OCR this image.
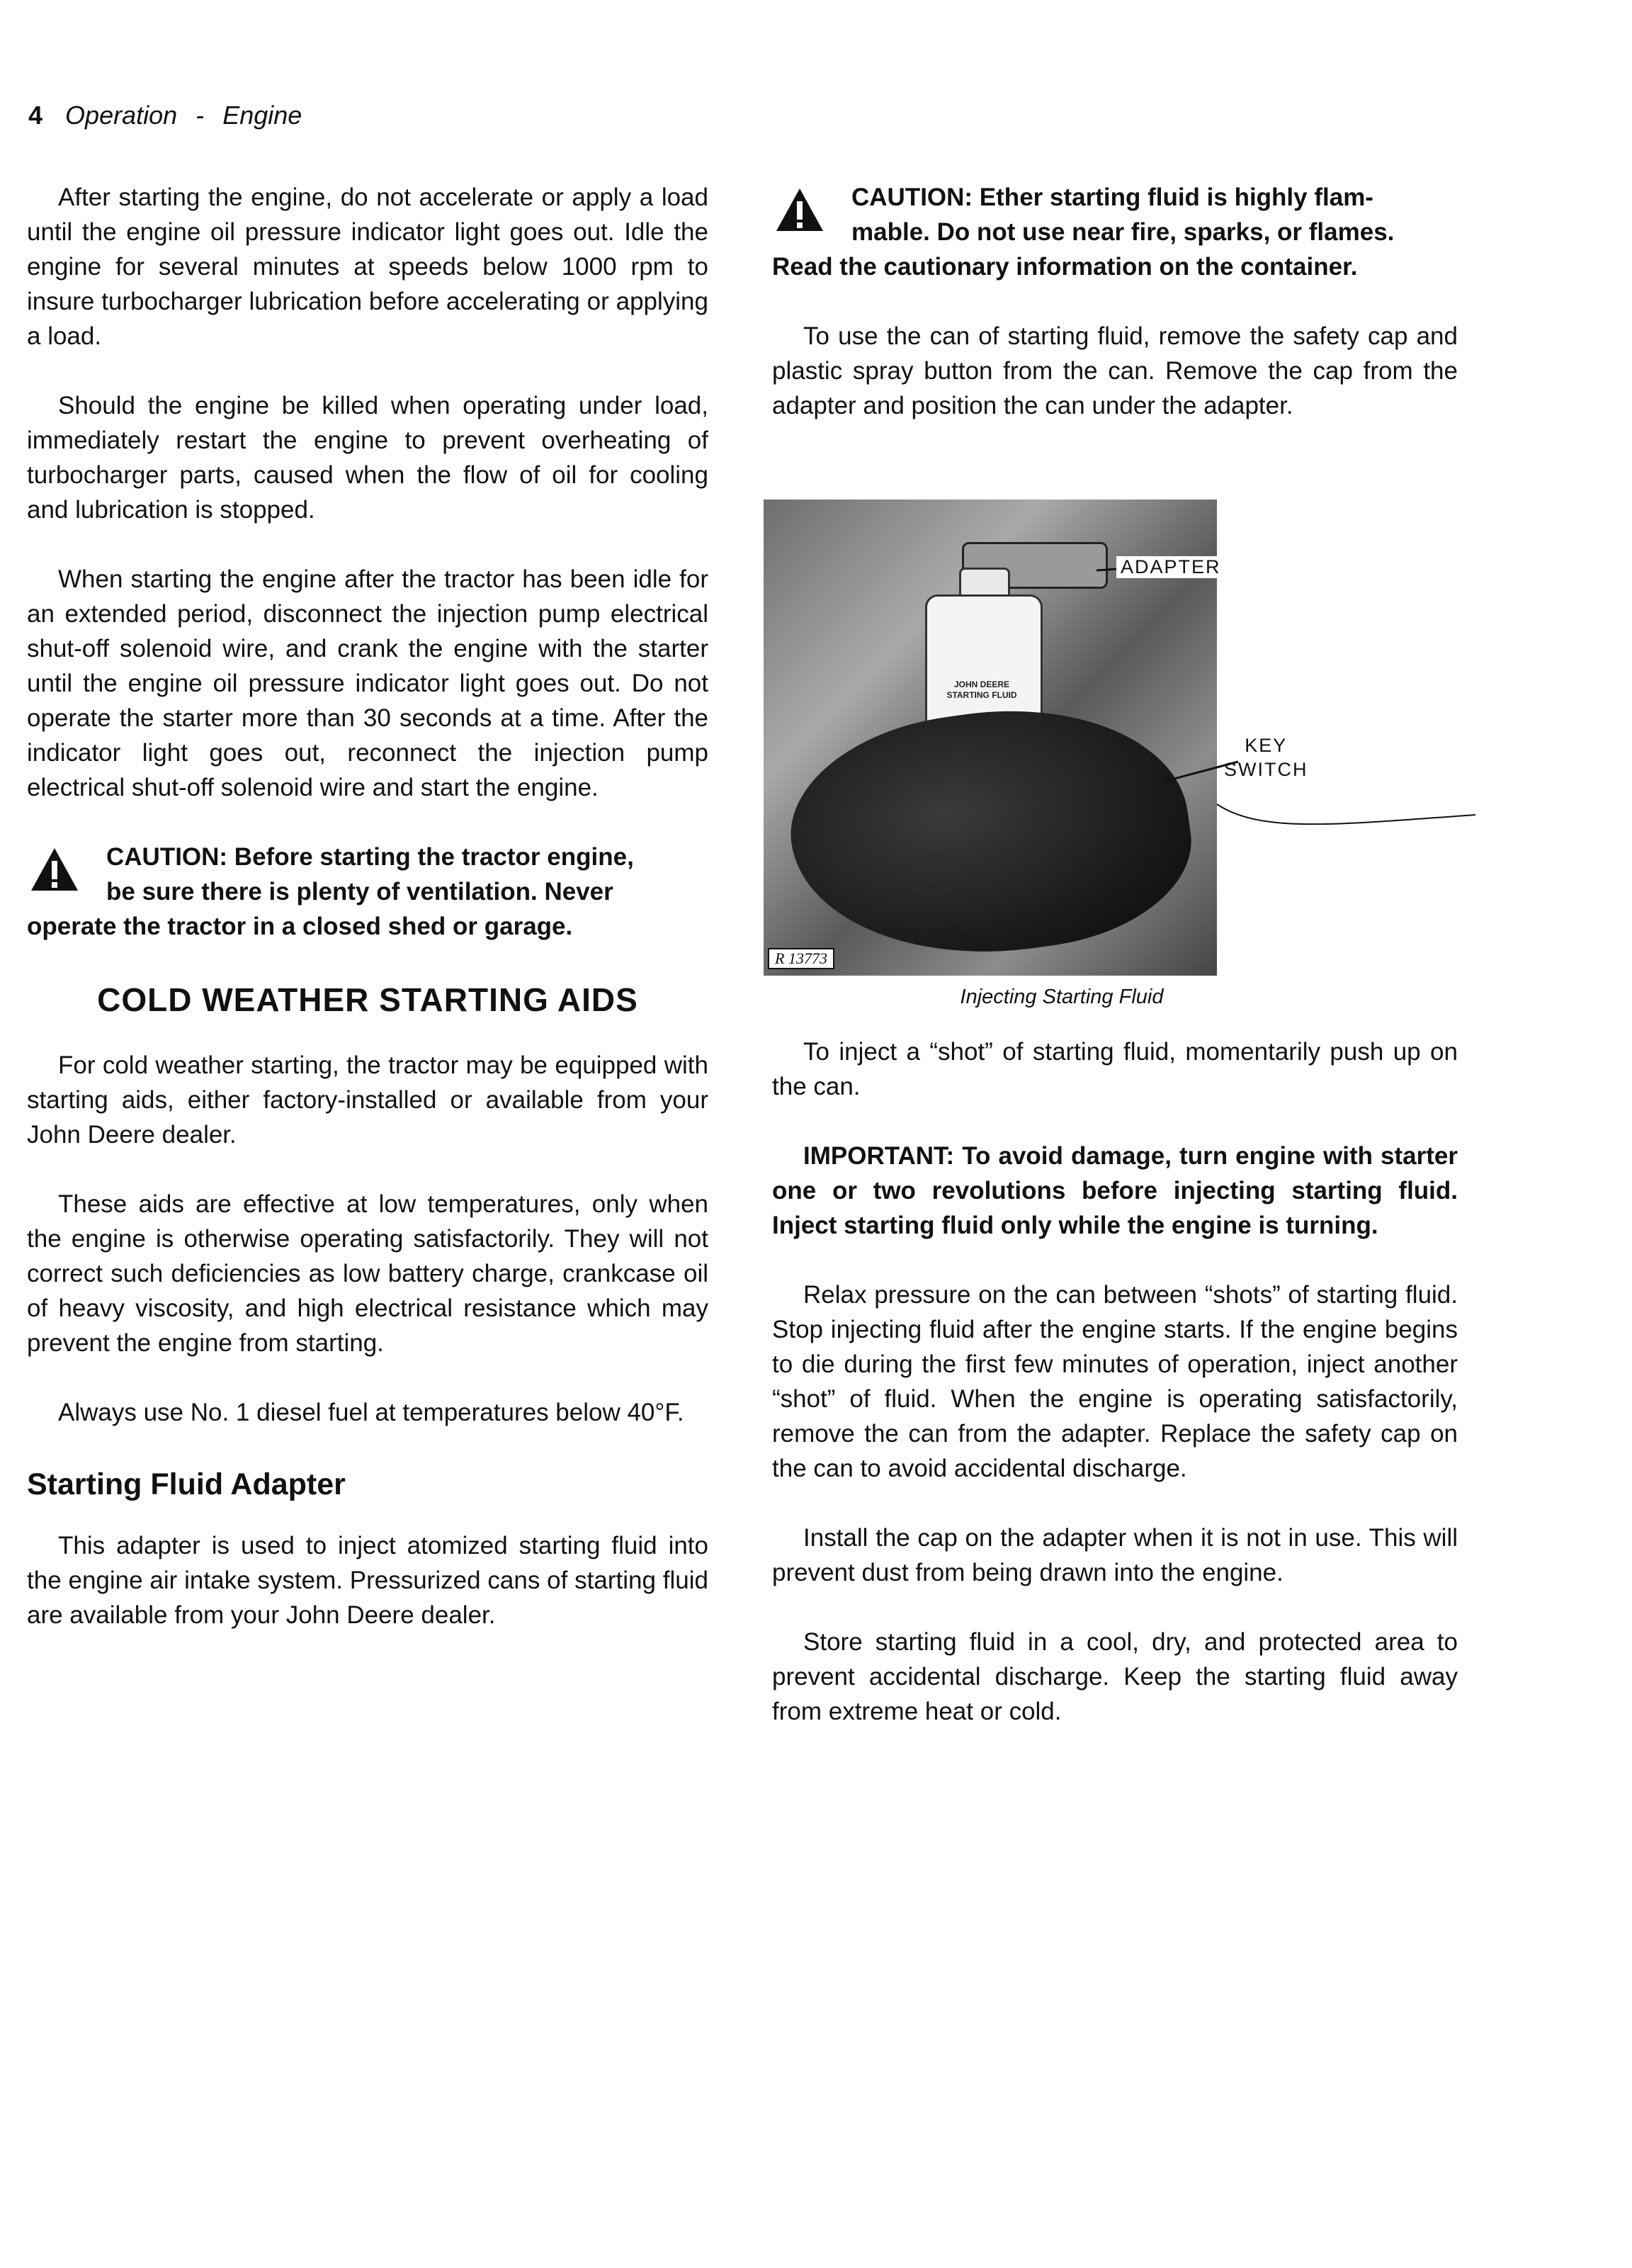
4 Operation - Engine

After starting the engine, do not accelerate or apply a load until the engine oil pressure indicator light goes out. Idle the engine for several minutes at speeds below 1000 rpm to insure turbocharger lubrication before accelerating or applying a load.

Should the engine be killed when operating under load, immediately restart the engine to prevent overheating of turbocharger parts, caused when the flow of oil for cooling and lubrication is stopped.

When starting the engine after the tractor has been idle for an extended period, disconnect the injection pump electrical shut-off solenoid wire, and crank the engine with the starter until the engine oil pressure indicator light goes out. Do not operate the starter more than 30 seconds at a time. After the indicator light goes out, reconnect the injection pump electrical shut-off solenoid wire and start the engine.

CAUTION: Before starting the tractor engine,
be sure there is plenty of ventilation. Never
operate the tractor in a closed shed or garage.
COLD WEATHER STARTING AIDS

For cold weather starting, the tractor may be equipped with starting aids, either factory-installed or available from your John Deere dealer.

These aids are effective at low temperatures, only when the engine is otherwise operating satisfactorily. They will not correct such deficiencies as low battery charge, crankcase oil of heavy viscosity, and high electrical resistance which may prevent the engine from starting.

Always use No. 1 diesel fuel at temperatures below 40°F.

Starting Fluid Adapter

This adapter is used to inject atomized starting fluid into the engine air intake system. Pressurized cans of starting fluid are available from your John Deere dealer.

CAUTION: Ether starting fluid is highly flam-
mable. Do not use near fire, sparks, or flames.
Read the cautionary information on the container.

To use the can of starting fluid, remove the safety cap and plastic spray button from the can. Remove the cap from the adapter and position the can under the adapter.

JOHN DEERE STARTING FLUID
R 13773
ADAPTER
KEY
SWITCH
Injecting Starting Fluid

To inject a “shot” of starting fluid, momentarily push up on the can.

IMPORTANT: To avoid damage, turn engine with starter one or two revolutions before injecting starting fluid. Inject starting fluid only while the engine is turning.

Relax pressure on the can between “shots” of starting fluid. Stop injecting fluid after the engine starts. If the engine begins to die during the first few minutes of operation, inject another “shot” of fluid. When the engine is operating satisfactorily, remove the can from the adapter. Replace the safety cap on the can to avoid accidental discharge.

Install the cap on the adapter when it is not in use. This will prevent dust from being drawn into the engine.

Store starting fluid in a cool, dry, and protected area to prevent accidental discharge. Keep the starting fluid away from extreme heat or cold.
